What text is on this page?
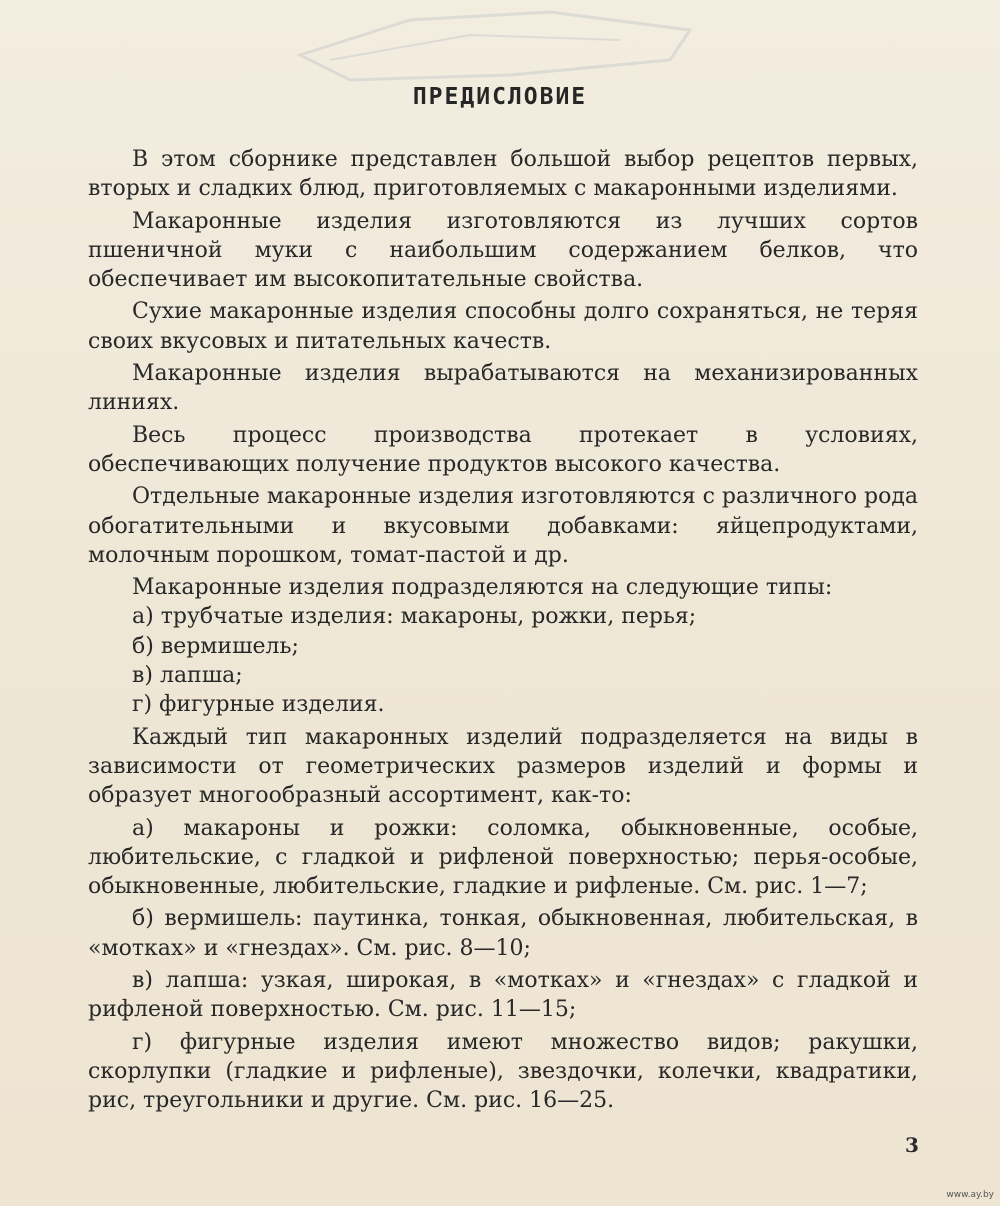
ПРЕДИСЛОВИЕ

В этом сборнике представлен большой выбор рецептов первых, вторых и сладких блюд, приготовляемых с макаронными изделиями.

Макаронные изделия изготовляются из лучших сортов пшеничной муки с наибольшим содержанием белков, что обеспечивает им высокопитательные свойства.

Сухие макаронные изделия способны долго сохраняться, не теряя своих вкусовых и питательных качеств.

Макаронные изделия вырабатываются на механизированных линиях.

Весь процесс производства протекает в условиях, обеспечивающих получение продуктов высокого качества.

Отдельные макаронные изделия изготовляются с различного рода обогатительными и вкусовыми добавками: яйцепродуктами, молочным порошком, томат-пастой и др.

Макаронные изделия подразделяются на следующие типы:

а) трубчатые изделия: макароны, рожки, перья;

б) вермишель;

в) лапша;

г) фигурные изделия.

Каждый тип макаронных изделий подразделяется на виды в зависимости от геометрических размеров изделий и формы и образует многообразный ассортимент, как-то:

а) макароны и рожки: соломка, обыкновенные, особые, любительские, с гладкой и рифленой поверхностью; перья-особые, обыкновенные, любительские, гладкие и рифленые. См. рис. 1—7;

б) вермишель: паутинка, тонкая, обыкновенная, любительская, в «мотках» и «гнездах». См. рис. 8—10;

в) лапша: узкая, широкая, в «мотках» и «гнездах» с гладкой и рифленой поверхностью. См. рис. 11—15;

г) фигурные изделия имеют множество видов; ракушки, скорлупки (гладкие и рифленые), звездочки, колечки, квадратики, рис, треугольники и другие. См. рис. 16—25.

3
www.ay.by
